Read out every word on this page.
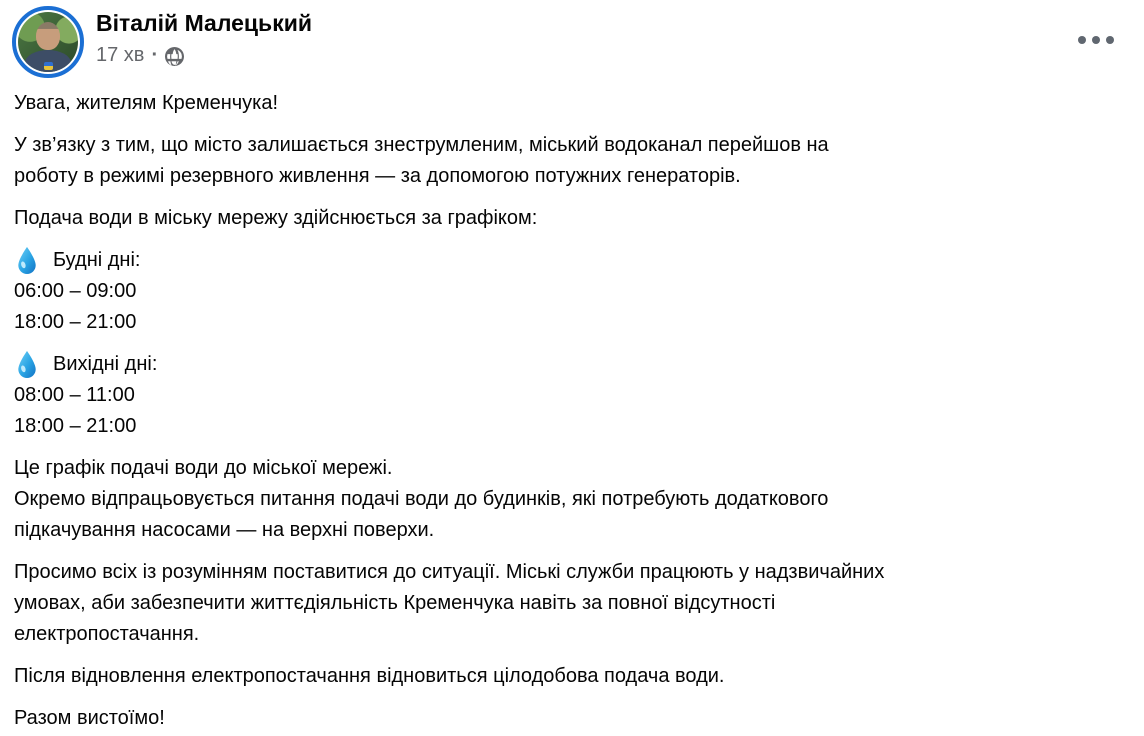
Віталій Малецький
17 хв ·
Увага, жителям Кременчука!
У зв’язку з тим, що місто залишається знеструмленим, міський водоканал перейшов на
роботу в режимі резервного живлення — за допомогою потужних генераторів.
Подача води в міську мережу здійснюється за графіком:
Будні дні:
06:00 – 09:00
18:00 – 21:00
Вихідні дні:
08:00 – 11:00
18:00 – 21:00
Це графік подачі води до міської мережі.
Окремо відпрацьовується питання подачі води до будинків, які потребують додаткового
підкачування насосами — на верхні поверхи.
Просимо всіх із розумінням поставитися до ситуації. Міські служби працюють у надзвичайних
умовах, аби забезпечити життєдіяльність Кременчука навіть за повної відсутності
електропостачання.
Після відновлення електропостачання відновиться цілодобова подача води.
Разом вистоїмо!
